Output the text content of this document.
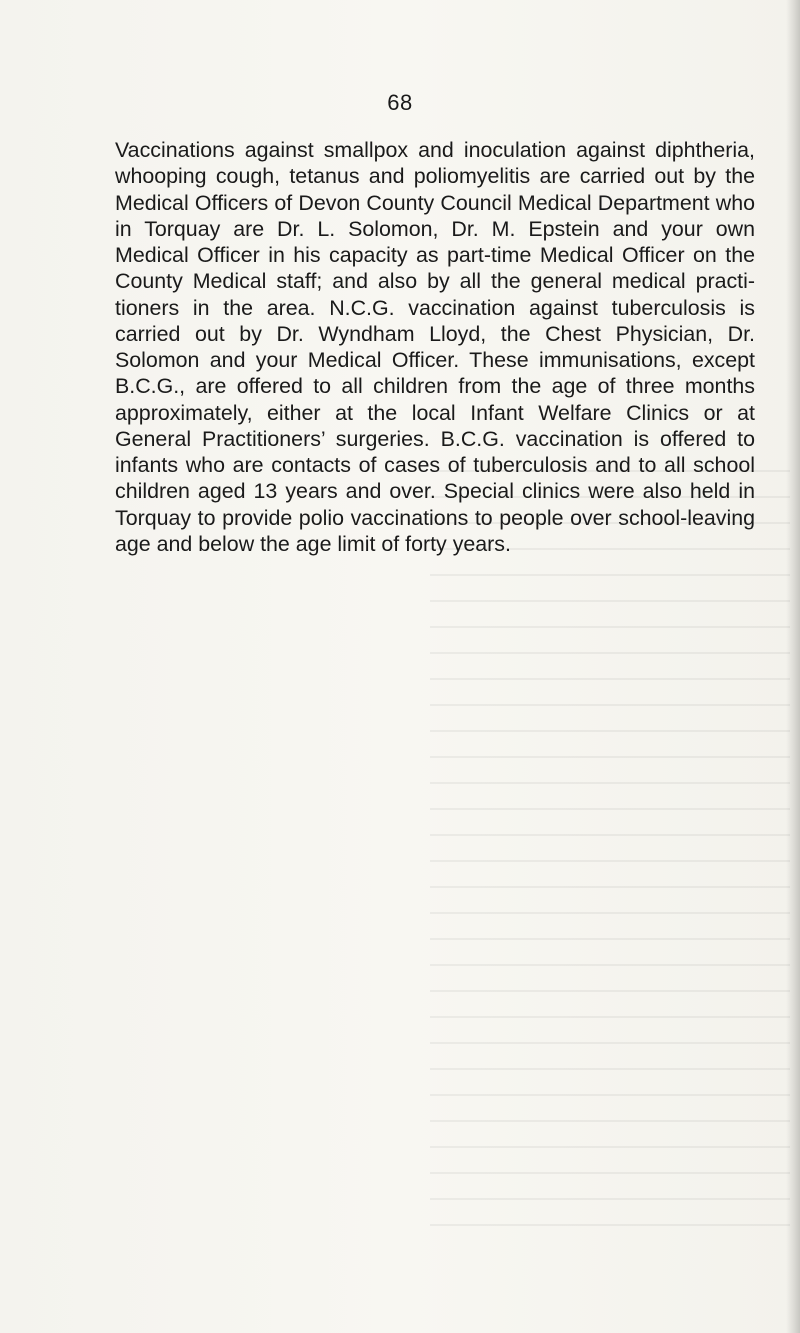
68

Vaccinations against smallpox and inoculation against diphtheria, whooping cough, tetanus and poliomyelitis are carried out by the Medical Officers of Devon County Council Medical Department who in Torquay are Dr. L. Solomon, Dr. M. Epstein and your own Medical Officer in his capacity as part-time Medical Officer on the County Medical staff; and also by all the general medical practitioners in the area. N.C.G. vaccination against tuberculosis is carried out by Dr. Wyndham Lloyd, the Chest Physician, Dr. Solomon and your Medical Officer. These immunisations, except B.C.G., are offered to all children from the age of three months approximately, either at the local Infant Welfare Clinics or at General Practitioners’ surgeries. B.C.G. vaccination is offered to infants who are contacts of cases of tuberculosis and to all school children aged 13 years and over. Special clinics were also held in Torquay to provide polio vaccinations to people over school-leaving age and below the age limit of forty years.
